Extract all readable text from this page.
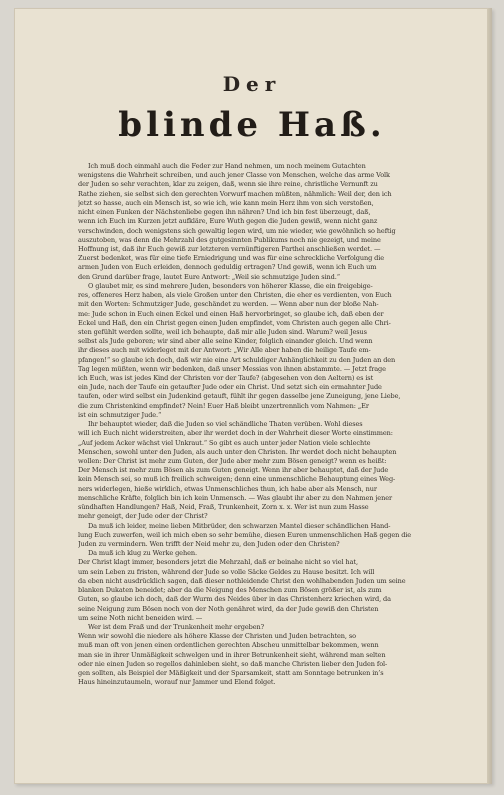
Der
blinde Haß.
Ich muß doch einmahl auch die Feder zur Hand nehmen, um noch meinem Gutachten
wenigstens die Wahrheit schreiben, und auch jener Classe von Menschen, welche das arme Volk
der Juden so sehr verachten, klar zu zeigen, daß, wenn sie ihre reine, christliche Vernunft zu
Rathe ziehen, sie selbst sich den gerechten Vorwurf machen müßten, nähmlich: Weil der, den ich
jetzt so hasse, auch ein Mensch ist, so wie ich, wie kann mein Herz ihm von sich verstoßen,
nicht einen Funken der Nächstenliebe gegen ihn nähren? Und ich bin fest überzeugt, daß,
wenn ich Euch im Kurzen jetzt aufkläre, Eure Wuth gegen die Juden gewiß, wenn nicht ganz
verschwinden, doch wenigstens sich gewaltig legen wird, um nie wieder, wie gewöhnlich so heftig
auszutoben, was denn die Mehrzahl des gutgesinnten Publikums noch nie gezeigt, und meine
Hoffnung ist, daß ihr Euch gewiß zur letzteren vernünftigeren Parthei anschließen werdet. —
Zuerst bedenket, was für eine tiefe Erniedrigung und was für eine schreckliche Verfolgung die
armen Juden von Euch erleiden, dennoch geduldig ertragen? Und gewiß, wenn ich Euch um
den Grund darüber frage, lautet Eure Antwort: „Weil sie schmutzige Juden sind.“
O glaubet mir, es sind mehrere Juden, besonders von höherer Klasse, die ein freigebige-
res, offeneres Herz haben, als viele Großen unter den Christen, die eher es verdienten, von Euch
mit den Worten: Schmutziger Jude, geschändet zu werden. — Wenn aber nun der bloße Nah-
me: Jude schon in Euch einen Eckel und einen Haß hervorbringet, so glaube ich, daß eben der
Eckel und Haß, den ein Christ gegen einen Juden empfindet, vom Christen auch gegen alle Chri-
sten gefühlt werden sollte, weil ich behaupte, daß mir alle Juden sind. Warum? weil Jesus
selbst als Jude geboren; wir sind aber alle seine Kinder, folglich einander gleich. Und wenn
ihr dieses auch mit widerleget mit der Antwort: „Wir Alle aber haben die heilige Taufe em-
pfangen!“ so glaube ich doch, daß wir nie eine Art schuldiger Anhänglichkeit zu den Juden an den
Tag legen müßten, wenn wir bedenken, daß unser Messias von ihnen abstammte. — Jetzt frage
ich Euch, was ist jedes Kind der Christen vor der Taufe? (abgesehen von den Aeltern) es ist
ein Jude, nach der Taufe ein getaufter Jude oder ein Christ. Und setzt sich ein ermahnter Jude
taufen, oder wird selbst ein Judenkind getauft, fühlt ihr gegen dasselbe jene Zuneigung, jene Liebe,
die zum Christenkind empfindet? Nein! Euer Haß bleibt unzertrennlich vom Nahmen: „Er
ist ein schmutziger Jude.“
Ihr behauptet wieder, daß die Juden so viel schändliche Thaten verüben. Wohl dieses
will ich Euch nicht widerstreiten, aber ihr werdet doch in der Wahrheit dieser Worte einstimmen:
„Auf jedem Acker wächst viel Unkraut.“ So gibt es auch unter jeder Nation viele schlechte
Menschen, sowohl unter den Juden, als auch unter den Christen. Ihr werdet doch nicht behaupten
wollen: Der Christ ist mehr zum Guten, der Jude aber mehr zum Bösen geneigt? wenn es heißt:
Der Mensch ist mehr zum Bösen als zum Guten geneigt. Wenn ihr aber behauptet, daß der Jude
kein Mensch sei, so muß ich freilich schweigen; denn eine unmenschliche Behauptung eines Weg-
ners widerlegen, hieße wirklich, etwas Unmenschliches thun, ich habe aber als Mensch, nur
menschliche Kräfte, folglich bin ich kein Unmensch. — Was glaubt ihr aber zu den Nahmen jener
sündhaften Handlungen? Haß, Neid, Fraß, Trunkenheit, Zorn x. x. Wer ist nun zum Hasse
mehr geneigt, der Jude oder der Christ?
Da muß ich leider, meine lieben Mitbrüder, den schwarzen Mantel dieser schändlichen Hand-
lung Euch zuwerfen, weil ich mich eben so sehr bemühe, diesen Euren unmenschlichen Haß gegen die
Juden zu vermindern. Wen trifft der Neid mehr zu, den Juden oder den Christen?
Da muß ich klug zu Werke gehen.
Der Christ klagt immer, besonders jetzt die Mehrzahl, daß er beinahe nicht so viel hat,
um sein Leben zu fristen, während der Jude so volle Säcke Geldes zu Hause besitzt. Ich will
da eben nicht ausdrücklich sagen, daß dieser nothleidende Christ den wohlhabenden Juden um seine
blanken Dukaten beneidet; aber da die Neigung des Menschen zum Bösen größer ist, als zum
Guten, so glaube ich doch, daß der Wurm des Neides über in das Christenherz kriechen wird, da
seine Neigung zum Bösen noch von der Noth genähret wird, da der Jude gewiß den Christen
um seine Noth nicht beneiden wird. —
Wer ist dem Fraß und der Trunkenheit mehr ergeben?
Wenn wir sowohl die niedere als höhere Klasse der Christen und Juden betrachten, so
muß man oft von jenen einen ordentlichen gerechten Abscheu unmittelbar bekommen, wenn
man sie in ihrer Unmäßigkeit schwelgen und in ihrer Betrunkenheit sieht, während man selten
oder nie einen Juden so regellos dahinleben sieht, so daß manche Christen lieber den Juden fol-
gen sollten, als Beispiel der Mäßigkeit und der Sparsamkeit, statt am Sonntage betrunken in’s
Haus hineinzutaumeln, worauf nur Jammer und Elend folget.
